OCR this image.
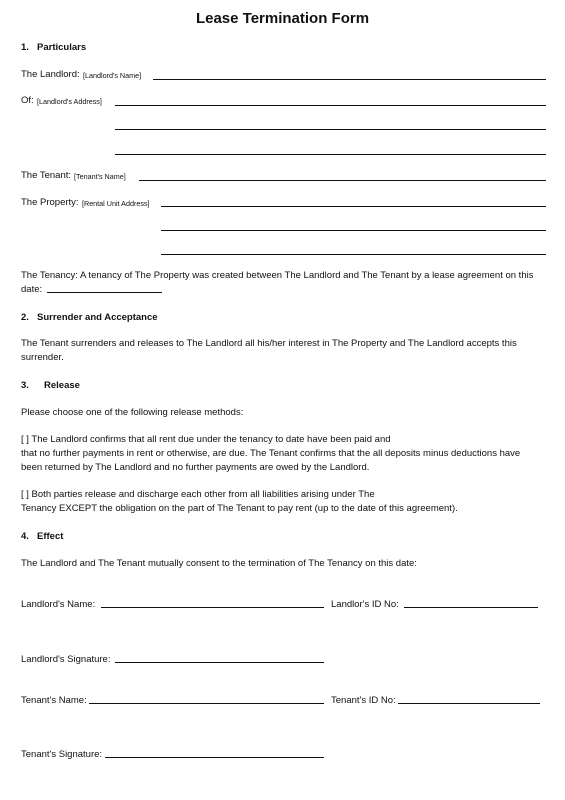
Lease Termination Form
1. Particulars
The Landlord: [Landlord's Name]
Of: [Landlord's Address]
The Tenant: [Tenant's Name]
The Property: [Rental Unit Address]
The Tenancy: A tenancy of The Property was created between The Landlord and The Tenant by a lease agreement on this
date:
2. Surrender and Acceptance
The Tenant surrenders and releases to The Landlord all his/her interest in The Property and The Landlord accepts this
surrender.
3. Release
Please choose one of the following release methods:
[ ] The Landlord confirms that all rent due under the tenancy to date have been paid and
that no further payments in rent or otherwise, are due. The Tenant confirms that the all deposits minus deductions have
been returned by The Landlord and no further payments are owed by the Landlord.
[ ] Both parties release and discharge each other from all liabilities arising under The
Tenancy EXCEPT the obligation on the part of The Tenant to pay rent (up to the date of this agreement).
4. Effect
The Landlord and The Tenant mutually consent to the termination of The Tenancy on this date:
Landlord's Name:	Landlor's ID No:
Landlord's Signature:
Tenant's Name:	Tenant's ID No:
Tenant's Signature:
